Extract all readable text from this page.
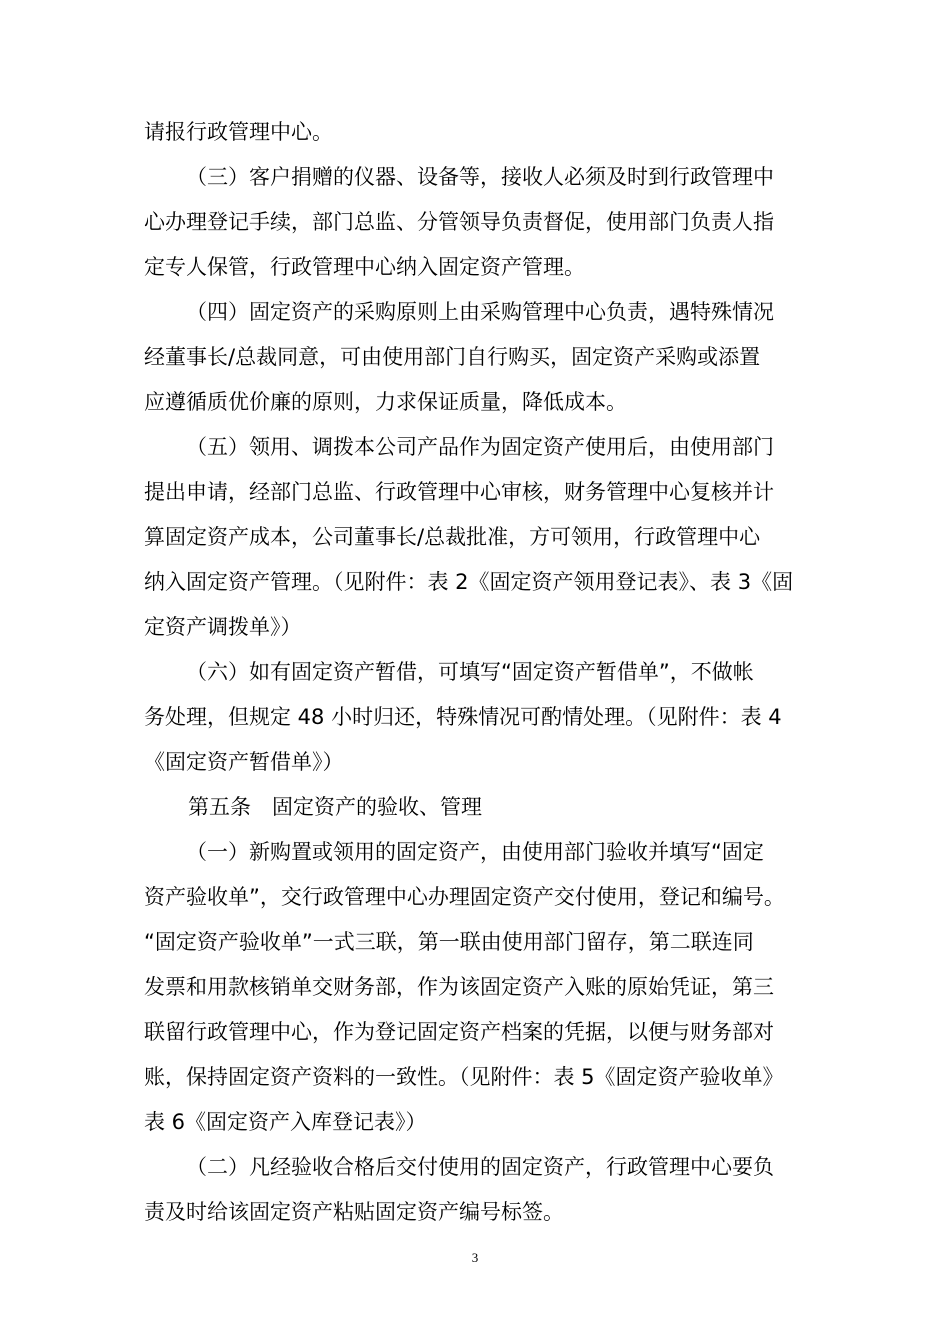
请报行政管理中心。
（三）客户捐赠的仪器、设备等，接收人必须及时到行政管理中
心办理登记手续，部门总监、分管领导负责督促，使用部门负责人指
定专人保管，行政管理中心纳入固定资产管理。
（四）固定资产的采购原则上由采购管理中心负责，遇特殊情况
经董事长/总裁同意，可由使用部门自行购买，固定资产采购或添置
应遵循质优价廉的原则，力求保证质量，降低成本。
（五）领用、调拨本公司产品作为固定资产使用后，由使用部门
提出申请，经部门总监、行政管理中心审核，财务管理中心复核并计
算固定资产成本，公司董事长/总裁批准，方可领用，行政管理中心
纳入固定资产管理。（见附件：表 2《固定资产领用登记表》、表 3《固
定资产调拨单》）
（六）如有固定资产暂借，可填写“固定资产暂借单”，不做帐
务处理，但规定 48 小时归还，特殊情况可酌情处理。（见附件：表 4
《固定资产暂借单》）
第五条　固定资产的验收、管理
（一）新购置或领用的固定资产，由使用部门验收并填写“固定
资产验收单”，交行政管理中心办理固定资产交付使用，登记和编号。
“固定资产验收单”一式三联，第一联由使用部门留存，第二联连同
发票和用款核销单交财务部，作为该固定资产入账的原始凭证，第三
联留行政管理中心，作为登记固定资产档案的凭据，以便与财务部对
账，保持固定资产资料的一致性。（见附件：表 5《固定资产验收单》
表 6《固定资产入库登记表》）
（二）凡经验收合格后交付使用的固定资产，行政管理中心要负
责及时给该固定资产粘贴固定资产编号标签。
3
